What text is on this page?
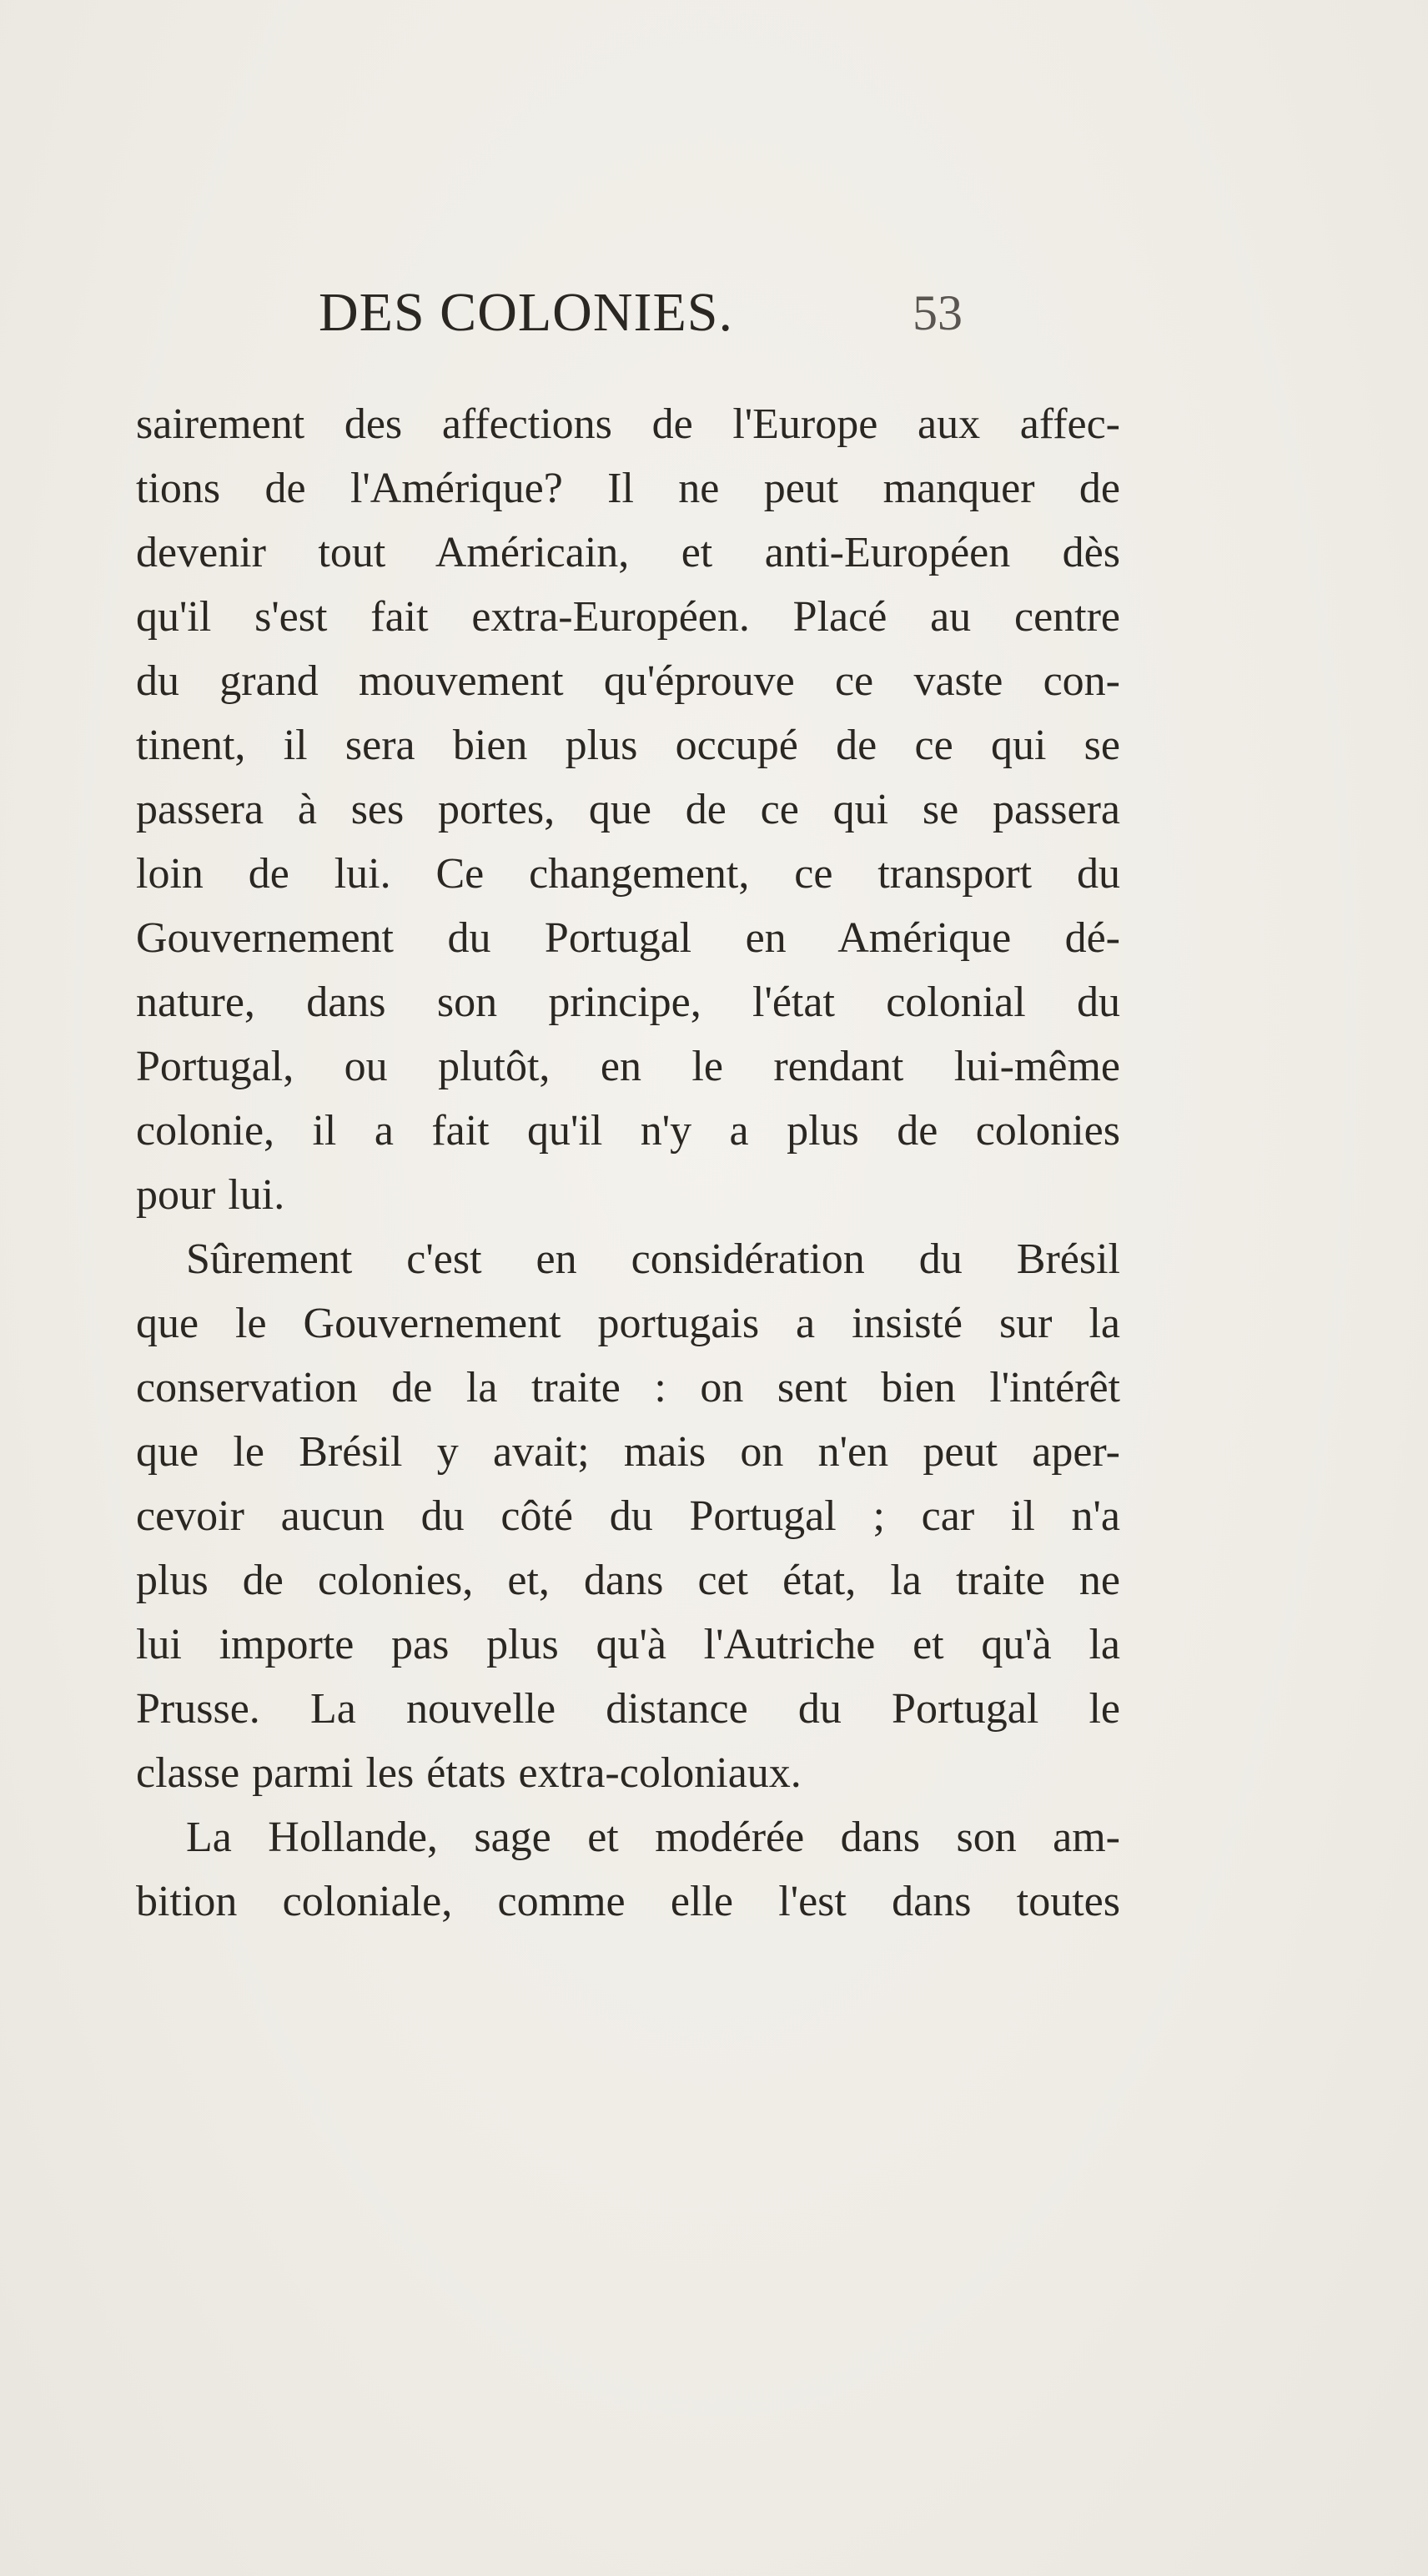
DES COLONIES.	53
sairement des affections de l'Europe aux affec-
tions de l'Amérique? Il ne peut manquer de
devenir tout Américain, et anti-Européen dès
qu'il s'est fait extra-Européen. Placé au centre
du grand mouvement qu'éprouve ce vaste con-
tinent, il sera bien plus occupé de ce qui se
passera à ses portes, que de ce qui se passera
loin de lui. Ce changement, ce transport du
Gouvernement du Portugal en Amérique dé-
nature, dans son principe, l'état colonial du
Portugal, ou plutôt, en le rendant lui-même
colonie, il a fait qu'il n'y a plus de colonies
pour lui.
Sûrement c'est en considération du Brésil
que le Gouvernement portugais a insisté sur la
conservation de la traite : on sent bien l'intérêt
que le Brésil y avait; mais on n'en peut aper-
cevoir aucun du côté du Portugal ; car il n'a
plus de colonies, et, dans cet état, la traite ne
lui importe pas plus qu'à l'Autriche et qu'à la
Prusse. La nouvelle distance du Portugal le
classe parmi les états extra-coloniaux.
La Hollande, sage et modérée dans son am-
bition coloniale, comme elle l'est dans toutes
